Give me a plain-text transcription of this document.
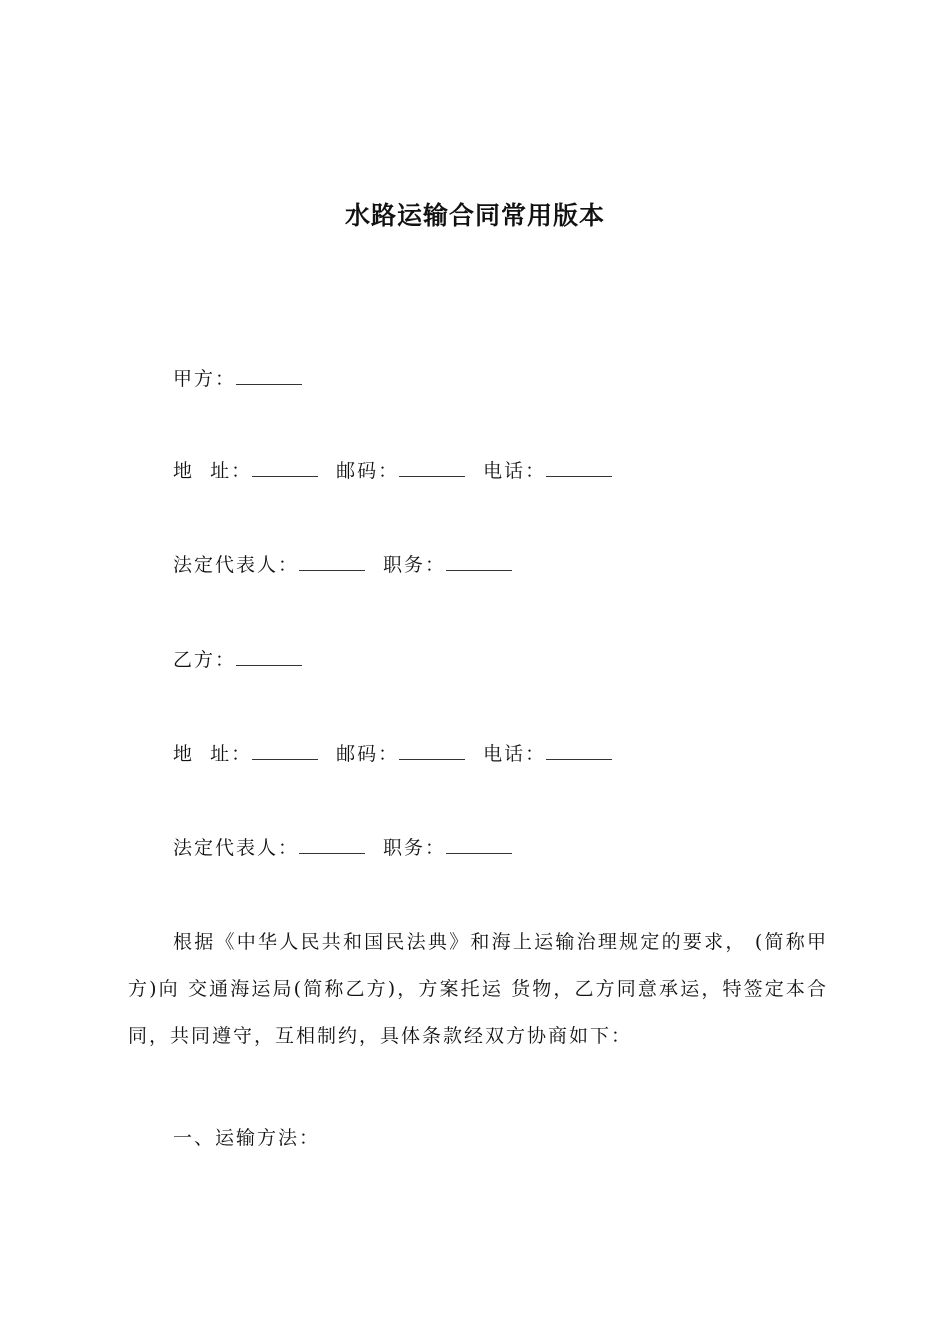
水路运输合同常用版本
甲方：
地  址：	邮码：	电话：
法定代表人：	职务：
乙方：
地  址：	邮码：	电话：
法定代表人：	职务：
根据《中华人民共和国民法典》和海上运输治理规定的要求， (简称甲方)向 交通海运局(简称乙方)，方案托运 货物，乙方同意承运，特签定本合同，共同遵守，互相制约，具体条款经双方协商如下：
一、运输方法：
